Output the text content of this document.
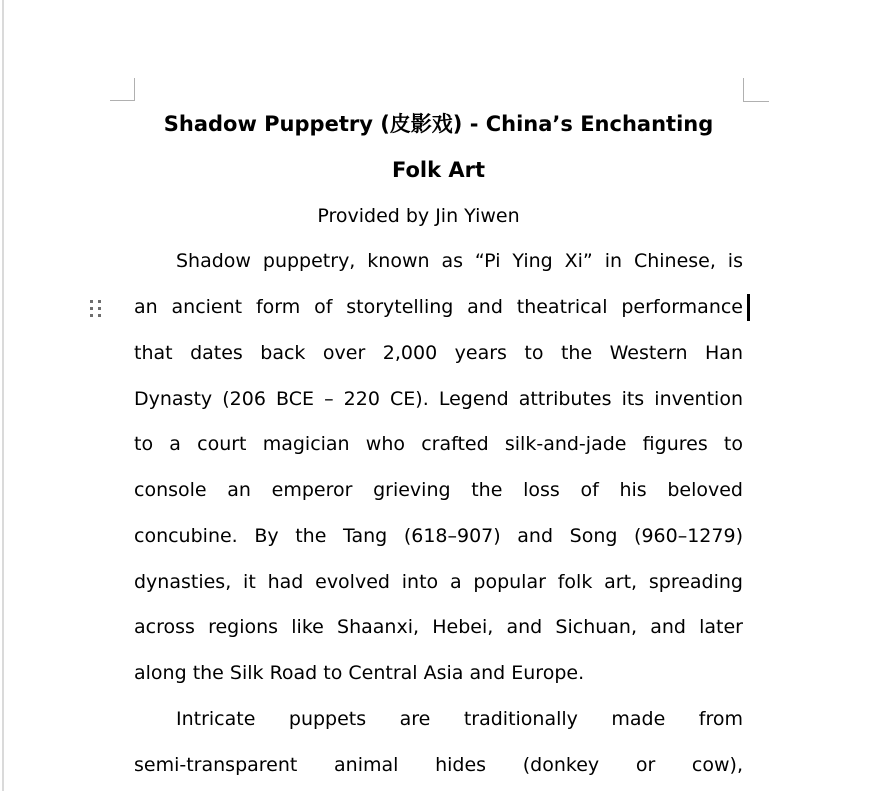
Shadow Puppetry (皮影戏) - China’s Enchanting
Folk Art
Provided by Jin Yiwen
Shadow puppetry, known as “Pi Ying Xi” in Chinese, is
an ancient form of storytelling and theatrical performance
that dates back over 2,000 years to the Western Han
Dynasty (206 BCE – 220 CE). Legend attributes its invention
to a court magician who crafted silk-and-jade figures to
console an emperor grieving the loss of his beloved
concubine. By the Tang (618–907) and Song (960–1279)
dynasties, it had evolved into a popular folk art, spreading
across regions like Shaanxi, Hebei, and Sichuan, and later
along the Silk Road to Central Asia and Europe.
Intricate puppets are traditionally made from
semi-transparent animal hides (donkey or cow),
